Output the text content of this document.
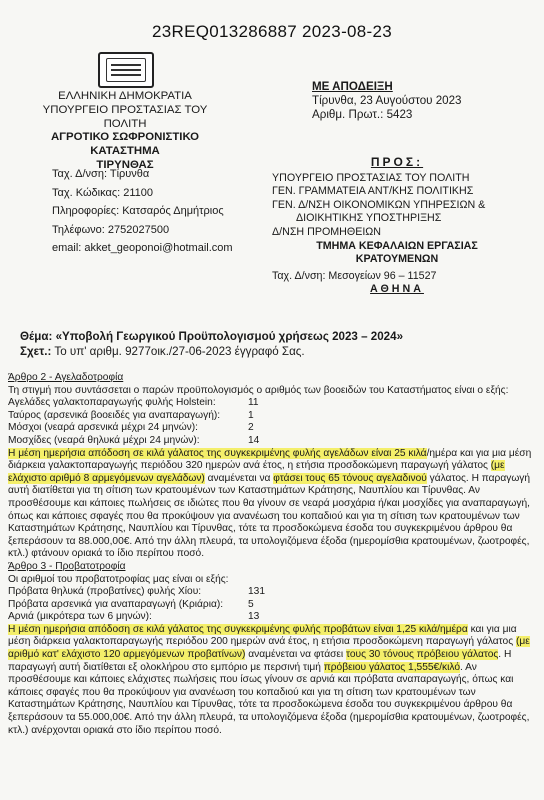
23REQ013286887 2023-08-23
ΕΛΛΗΝΙΚΗ ΔΗΜΟΚΡΑΤΙΑ
ΥΠΟΥΡΓΕΙΟ ΠΡΟΣΤΑΣΙΑΣ ΤΟΥ ΠΟΛΙΤΗ
ΑΓΡΟΤΙΚΟ ΣΩΦΡΟΝΙΣΤΙΚΟ ΚΑΤΑΣΤΗΜΑ
ΤΙΡΥΝΘΑΣ
ΜΕ ΑΠΟΔΕΙΞΗ
Τίρυνθα, 23 Αυγούστου 2023
Αριθμ. Πρωτ.: 5423
Ταχ. Δ/νση: Τίρυνθα
Ταχ. Κώδικας: 21100
Πληροφορίες: Κατσαρός Δημήτριος
Τηλέφωνο: 2752027500
email: akket_geoponoi@hotmail.com
ΠΡΟΣ:
ΥΠΟΥΡΓΕΙΟ ΠΡΟΣΤΑΣΙΑΣ ΤΟΥ ΠΟΛΙΤΗ
ΓΕΝ. ΓΡΑΜΜΑΤΕΙΑ ΑΝΤ/ΚΗΣ ΠΟΛΙΤΙΚΗΣ
ΓΕΝ. Δ/ΝΣΗ ΟΙΚΟΝΟΜΙΚΩΝ ΥΠΗΡΕΣΙΩΝ &
ΔΙΟΙΚΗΤΙΚΗΣ ΥΠΟΣΤΗΡΙΞΗΣ
Δ/ΝΣΗ ΠΡΟΜΗΘΕΙΩΝ
ΤΜΗΜΑ ΚΕΦΑΛΑΙΩΝ ΕΡΓΑΣΙΑΣ
ΚΡΑΤΟΥΜΕΝΩΝ
Ταχ. Δ/νση: Μεσογείων 96 – 11527
ΑΘΗΝΑ
Θέμα: «Υποβολή Γεωργικού Προϋπολογισμού χρήσεως 2023 – 2024»
Σχετ.: Το υπ' αριθμ. 9277οικ./27-06-2023 έγγραφό Σας.

Άρθρο 2 - Αγελαδοτροφία

Τη στιγμή που συντάσσεται ο παρών προϋπολογισμός ο αριθμός των βοοειδών του Καταστήματος είναι ο εξής:

Αγελάδες γαλακτοπαραγωγής φυλής Holstein:	11
Ταύρος (αρσενικά βοοειδές για αναπαραγωγή):	1
Μόσχοι (νεαρά αρσενικά μέχρι 24 μηνών):	2
Μοσχίδες (νεαρά θηλυκά μέχρι 24 μηνών):	14

Η μέση ημερήσια απόδοση σε κιλά γάλατος της συγκεκριμένης φυλής αγελάδων είναι 25 κιλά/ημέρα και για μια μέση διάρκεια γαλακτοπαραγωγής περιόδου 320 ημερών ανά έτος, η ετήσια προσδοκώμενη παραγωγή γάλατος (με ελάχιστο αριθμό 8 αρμεγόμενων αγελάδων) αναμένεται να φτάσει τους 65 τόνους αγελαδινού γάλατος. Η παραγωγή αυτή διατίθεται για τη σίτιση των κρατουμένων των Καταστημάτων Κράτησης, Ναυπλίου και Τίρυνθας. Αν προσθέσουμε και κάποιες πωλήσεις σε ιδιώτες που θα γίνουν σε νεαρά μοσχάρια ή/και μοσχίδες για αναπαραγωγή, όπως και κάποιες σφαγές που θα προκύψουν για ανανέωση του κοπαδιού και για τη σίτιση των κρατουμένων των Καταστημάτων Κράτησης, Ναυπλίου και Τίρυνθας, τότε τα προσδοκώμενα έσοδα του συγκεκριμένου άρθρου θα ξεπεράσουν τα 88.000,00€. Από την άλλη πλευρά, τα υπολογιζόμενα έξοδα (ημερομίσθια κρατουμένων, ζωοτροφές, κτλ.) φτάνουν οριακά το ίδιο περίπου ποσό.

Άρθρο 3 - Προβατοτροφία

Οι αριθμοί του προβατοτροφίας μας είναι οι εξής:

Πρόβατα θηλυκά (προβατίνες) φυλής Χίου:	131
Πρόβατα αρσενικά για αναπαραγωγή (Κριάρια):	5
Αρνιά (μικρότερα των 6 μηνών):	13

Η μέση ημερήσια απόδοση σε κιλά γάλατος της συγκεκριμένης φυλής προβάτων είναι 1,25 κιλά/ημέρα και για μια μέση διάρκεια γαλακτοπαραγωγής περιόδου 200 ημερών ανά έτος, η ετήσια προσδοκώμενη παραγωγή γάλατος (με αριθμό κατ' ελάχιστο 120 αρμεγόμενων προβατίνων) αναμένεται να φτάσει τους 30 τόνους πρόβειου γάλατος. Η παραγωγή αυτή διατίθεται εξ ολοκλήρου στο εμπόριο με περσινή τιμή πρόβειου γάλατος 1,555€/κιλό. Αν προσθέσουμε και κάποιες ελάχιστες πωλήσεις που ίσως γίνουν σε αρνιά και πρόβατα αναπαραγωγής, όπως και κάποιες σφαγές που θα προκύψουν για ανανέωση του κοπαδιού και για τη σίτιση των κρατουμένων των Καταστημάτων Κράτησης, Ναυπλίου και Τίρυνθας, τότε τα προσδοκώμενα έσοδα του συγκεκριμένου άρθρου θα ξεπεράσουν τα 55.000,00€. Από την άλλη πλευρά, τα υπολογιζόμενα έξοδα (ημερομίσθια κρατουμένων, ζωοτροφές, κτλ.) ανέρχονται οριακά στο ίδιο περίπου ποσό.
